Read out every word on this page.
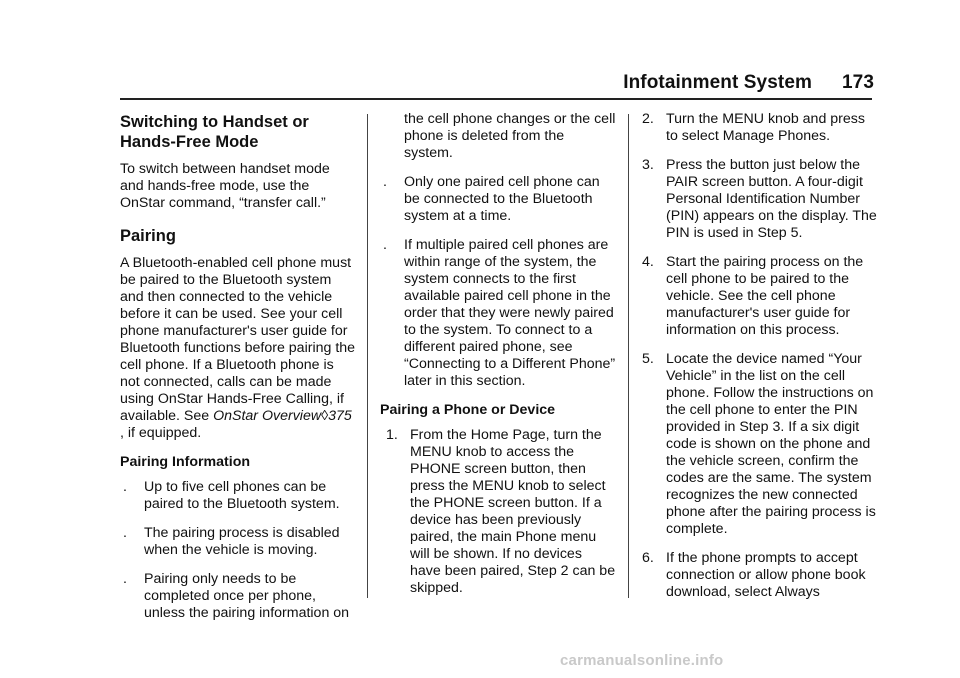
Infotainment System 173
Switching to Handset or
Hands-Free Mode

To switch between handset mode and hands-free mode, use the OnStar command, “transfer call.”

Pairing

A Bluetooth-enabled cell phone must be paired to the Bluetooth system and then connected to the vehicle before it can be used. See your cell phone manufacturer's user guide for Bluetooth functions before pairing the cell phone. If a Bluetooth phone is not connected, calls can be made using OnStar Hands-Free Calling, if available. See OnStar Overview◊375 , if equipped.

Pairing Information
. Up to five cell phones can be paired to the Bluetooth system.
. The pairing process is disabled when the vehicle is moving.
. Pairing only needs to be completed once per phone, unless the pairing information on

the cell phone changes or the cell phone is deleted from the system.

. Only one paired cell phone can be connected to the Bluetooth system at a time.
. If multiple paired cell phones are within range of the system, the system connects to the first available paired cell phone in the order that they were newly paired to the system. To connect to a different paired phone, see “Connecting to a Different Phone” later in this section.
Pairing a Phone or Device
1. From the Home Page, turn the MENU knob to access the PHONE screen button, then press the MENU knob to select the PHONE screen button. If a device has been previously paired, the main Phone menu will be shown. If no devices have been paired, Step 2 can be skipped.
2. Turn the MENU knob and press to select Manage Phones.
3. Press the button just below the PAIR screen button. A four-digit Personal Identification Number (PIN) appears on the display. The PIN is used in Step 5.
4. Start the pairing process on the cell phone to be paired to the vehicle. See the cell phone manufacturer's user guide for information on this process.
5. Locate the device named “Your Vehicle” in the list on the cell phone. Follow the instructions on the cell phone to enter the PIN provided in Step 3. If a six digit code is shown on the phone and the vehicle screen, confirm the codes are the same. The system recognizes the new connected phone after the pairing process is complete.
6. If the phone prompts to accept connection or allow phone book download, select Always
carmanualsonline.info
